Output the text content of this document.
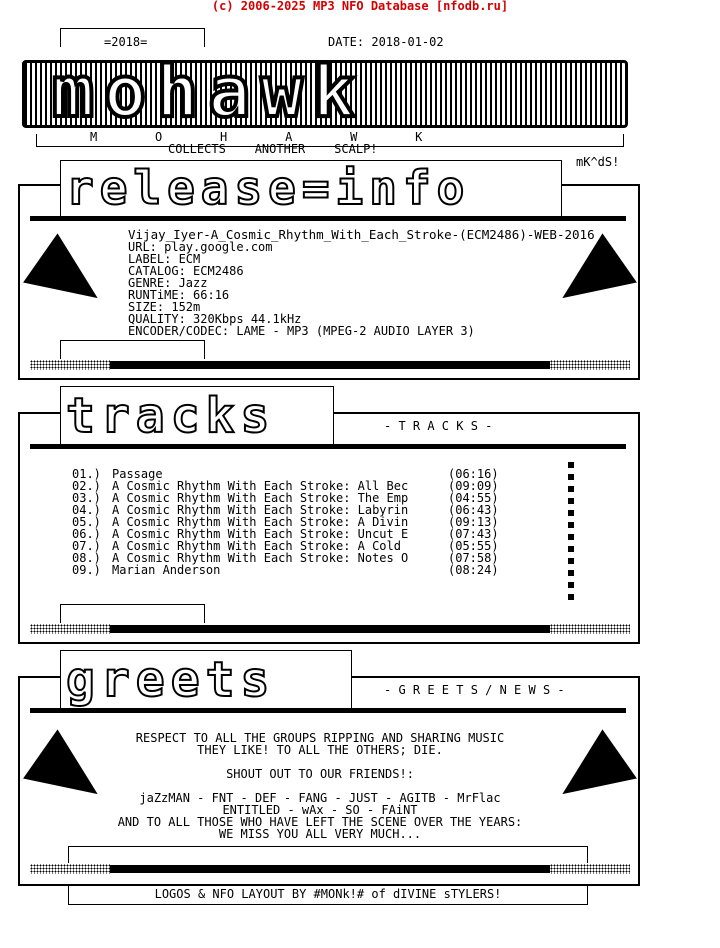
(c) 2006-2025 MP3 NFO Database [nfodb.ru]
=2018=	DATE: 2018-01-02
mohawk
M        O        H        A        W        K
COLLECTS    ANOTHER    SCALP!
mK^dS!
release=info
Vijay_Iyer-A_Cosmic_Rhythm_With_Each_Stroke-(ECM2486)-WEB-2016
URL: play.google.com
LABEL: ECM
CATALOG: ECM2486
GENRE: Jazz
RUNTiME: 66:16
SIZE: 152m
QUALITY: 320Kbps 44.1kHz
ENCODER/CODEC: LAME - MP3 (MPEG-2 AUDIO LAYER 3)
tracks	- T R A C K S -
01.) Passage	(06:16)
02.) A Cosmic Rhythm With Each Stroke: All Bec	(09:09)
03.) A Cosmic Rhythm With Each Stroke: The Emp	(04:55)
04.) A Cosmic Rhythm With Each Stroke: Labyrin	(06:43)
05.) A Cosmic Rhythm With Each Stroke: A Divin	(09:13)
06.) A Cosmic Rhythm With Each Stroke: Uncut E	(07:43)
07.) A Cosmic Rhythm With Each Stroke: A Cold	(05:55)
08.) A Cosmic Rhythm With Each Stroke: Notes O	(07:58)
09.) Marian Anderson	(08:24)
greets	- G R E E T S / N E W S -
RESPECT TO ALL THE GROUPS RIPPING AND SHARING MUSIC
THEY LIKE! TO ALL THE OTHERS; DIE.
SHOUT OUT TO OUR FRIENDS!:
jaZzMAN - FNT - DEF - FANG - JUST - AGITB - MrFlac
ENTITLED - wAx - SO - FAiNT
AND TO ALL THOSE WHO HAVE LEFT THE SCENE OVER THE YEARS:
WE MISS YOU ALL VERY MUCH...
LOGOS & NFO LAYOUT BY #MONk!# of dIVINE sTYLERS!
